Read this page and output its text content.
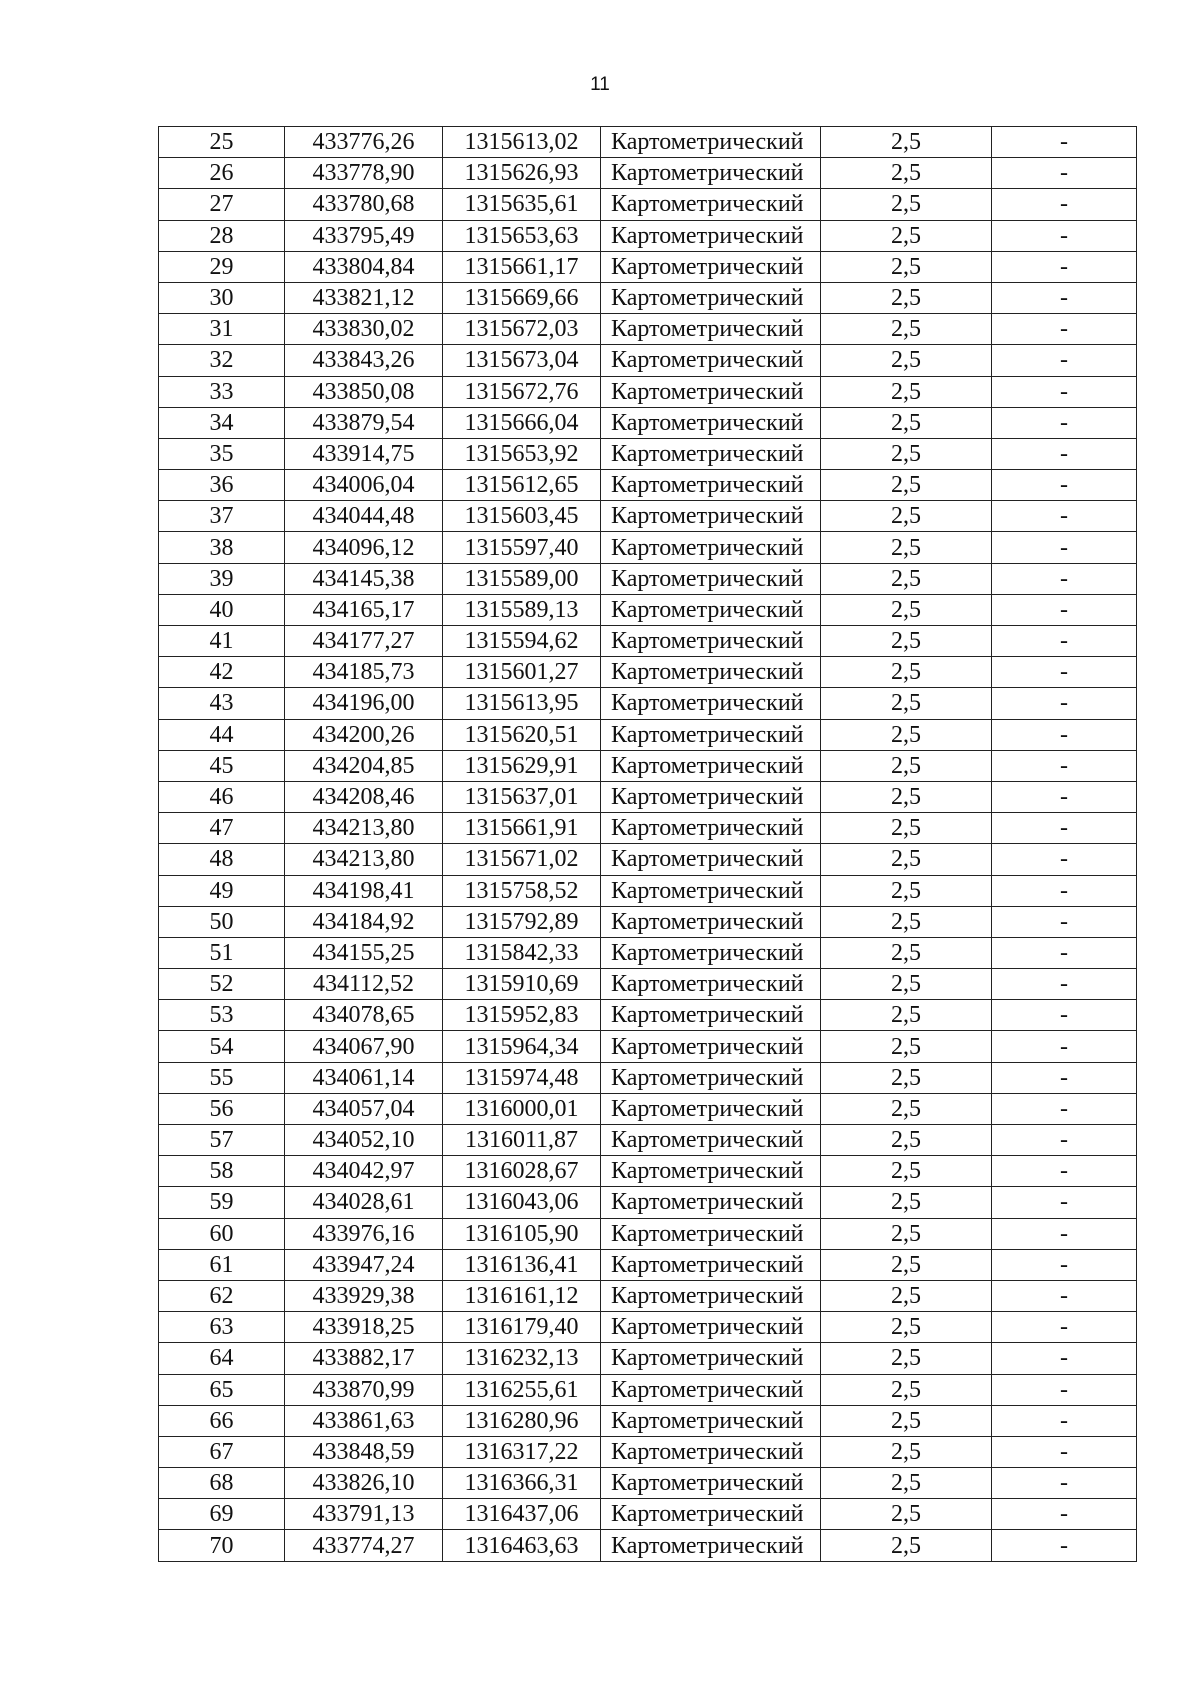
11
25	433776,26	1315613,02	Картометрический	2,5	-
26	433778,90	1315626,93	Картометрический	2,5	-
27	433780,68	1315635,61	Картометрический	2,5	-
28	433795,49	1315653,63	Картометрический	2,5	-
29	433804,84	1315661,17	Картометрический	2,5	-
30	433821,12	1315669,66	Картометрический	2,5	-
31	433830,02	1315672,03	Картометрический	2,5	-
32	433843,26	1315673,04	Картометрический	2,5	-
33	433850,08	1315672,76	Картометрический	2,5	-
34	433879,54	1315666,04	Картометрический	2,5	-
35	433914,75	1315653,92	Картометрический	2,5	-
36	434006,04	1315612,65	Картометрический	2,5	-
37	434044,48	1315603,45	Картометрический	2,5	-
38	434096,12	1315597,40	Картометрический	2,5	-
39	434145,38	1315589,00	Картометрический	2,5	-
40	434165,17	1315589,13	Картометрический	2,5	-
41	434177,27	1315594,62	Картометрический	2,5	-
42	434185,73	1315601,27	Картометрический	2,5	-
43	434196,00	1315613,95	Картометрический	2,5	-
44	434200,26	1315620,51	Картометрический	2,5	-
45	434204,85	1315629,91	Картометрический	2,5	-
46	434208,46	1315637,01	Картометрический	2,5	-
47	434213,80	1315661,91	Картометрический	2,5	-
48	434213,80	1315671,02	Картометрический	2,5	-
49	434198,41	1315758,52	Картометрический	2,5	-
50	434184,92	1315792,89	Картометрический	2,5	-
51	434155,25	1315842,33	Картометрический	2,5	-
52	434112,52	1315910,69	Картометрический	2,5	-
53	434078,65	1315952,83	Картометрический	2,5	-
54	434067,90	1315964,34	Картометрический	2,5	-
55	434061,14	1315974,48	Картометрический	2,5	-
56	434057,04	1316000,01	Картометрический	2,5	-
57	434052,10	1316011,87	Картометрический	2,5	-
58	434042,97	1316028,67	Картометрический	2,5	-
59	434028,61	1316043,06	Картометрический	2,5	-
60	433976,16	1316105,90	Картометрический	2,5	-
61	433947,24	1316136,41	Картометрический	2,5	-
62	433929,38	1316161,12	Картометрический	2,5	-
63	433918,25	1316179,40	Картометрический	2,5	-
64	433882,17	1316232,13	Картометрический	2,5	-
65	433870,99	1316255,61	Картометрический	2,5	-
66	433861,63	1316280,96	Картометрический	2,5	-
67	433848,59	1316317,22	Картометрический	2,5	-
68	433826,10	1316366,31	Картометрический	2,5	-
69	433791,13	1316437,06	Картометрический	2,5	-
70	433774,27	1316463,63	Картометрический	2,5	-
